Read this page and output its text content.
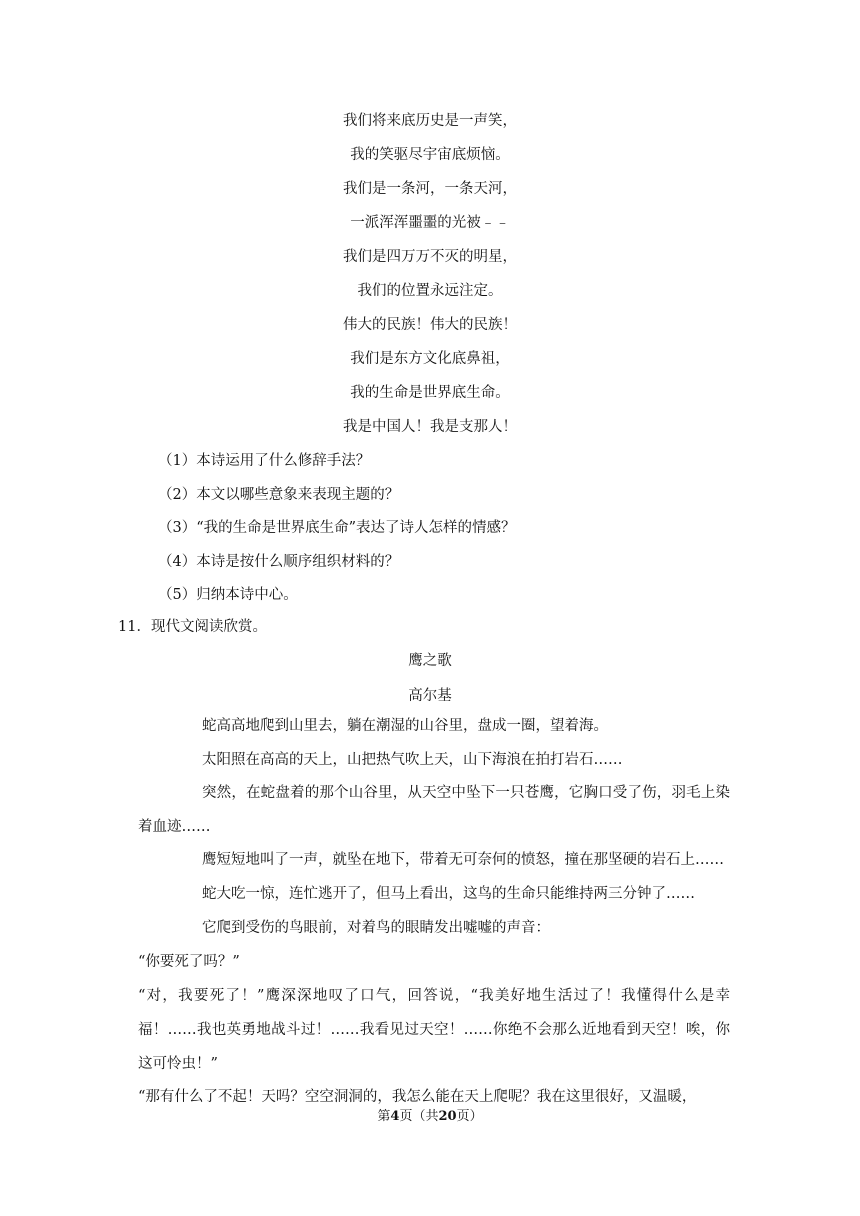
我们将来底历史是一声笑，
我的笑驱尽宇宙底烦恼。
我们是一条河，一条天河，
一派浑浑噩噩的光被﹣﹣
我们是四万万不灭的明星，
我们的位置永远注定。
伟大的民族！伟大的民族！
我们是东方文化底鼻祖，
我的生命是世界底生命。
我是中国人！我是支那人！
（1）本诗运用了什么修辞手法？
（2）本文以哪些意象来表现主题的？
（3）“我的生命是世界底生命”表达了诗人怎样的情感？
（4）本诗是按什么顺序组织材料的？
（5）归纳本诗中心。
11．现代文阅读欣赏。
鹰之歌
高尔基
蛇高高地爬到山里去，躺在潮湿的山谷里，盘成一圈，望着海。
太阳照在高高的天上，山把热气吹上天，山下海浪在拍打岩石……
突然，在蛇盘着的那个山谷里，从天空中坠下一只苍鹰，它胸口受了伤，羽毛上染着血迹……
鹰短短地叫了一声，就坠在地下，带着无可奈何的愤怒，撞在那坚硬的岩石上……
蛇大吃一惊，连忙逃开了，但马上看出，这鸟的生命只能维持两三分钟了……
它爬到受伤的鸟眼前，对着鸟的眼睛发出嘘嘘的声音：
“你要死了吗？”
“对，我要死了！”鹰深深地叹了口气，回答说，“我美好地生活过了！我懂得什么是幸福！……我也英勇地战斗过！……我看见过天空！……你绝不会那么近地看到天空！唉，你这可怜虫！”
“那有什么了不起！天吗？空空洞洞的，我怎么能在天上爬呢？我在这里很好，又温暖，
第4页（共20页）
